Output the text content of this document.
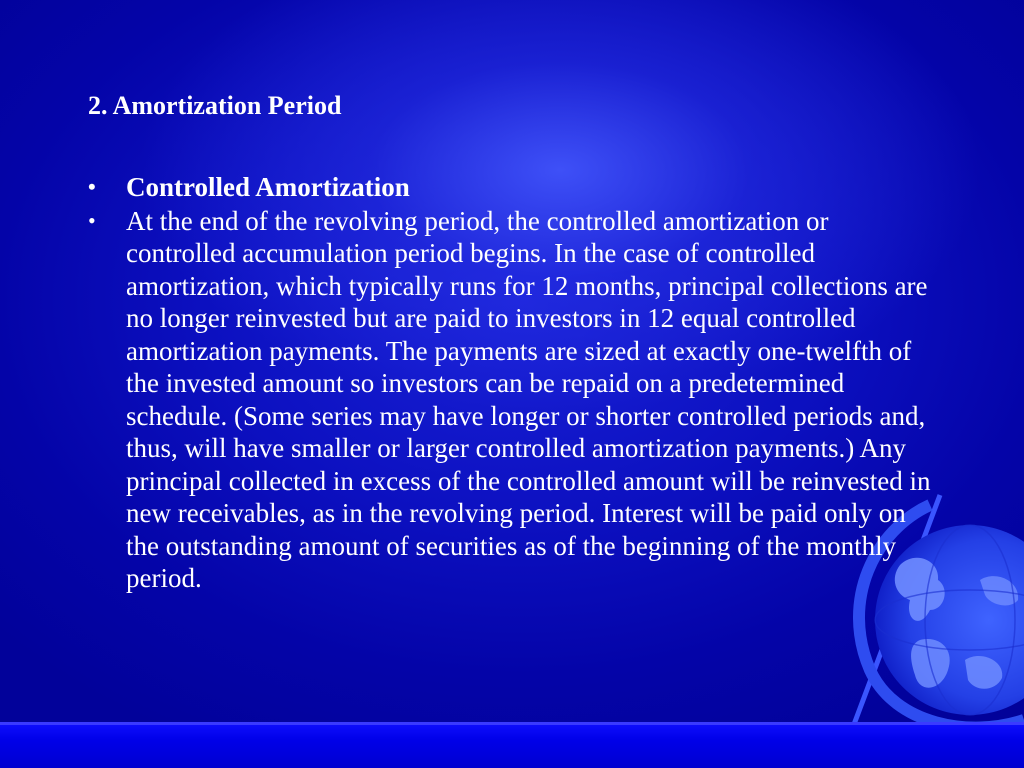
2. Amortization Period
• Controlled Amortization
• At the end of the revolving period, the controlled amortization or controlled accumulation period begins. In the case of controlled amortization, which typically runs for 12 months, principal collections are no longer reinvested but are paid to investors in 12 equal controlled amortization payments. The payments are sized at exactly one-twelfth of the invested amount so investors can be repaid on a predetermined schedule. (Some series may have longer or shorter controlled periods and, thus, will have smaller or larger controlled amortization payments.) Any principal collected in excess of the controlled amount will be reinvested in new receivables, as in the revolving period. Interest will be paid only on the outstanding amount of securities as of the beginning of the monthly period.
